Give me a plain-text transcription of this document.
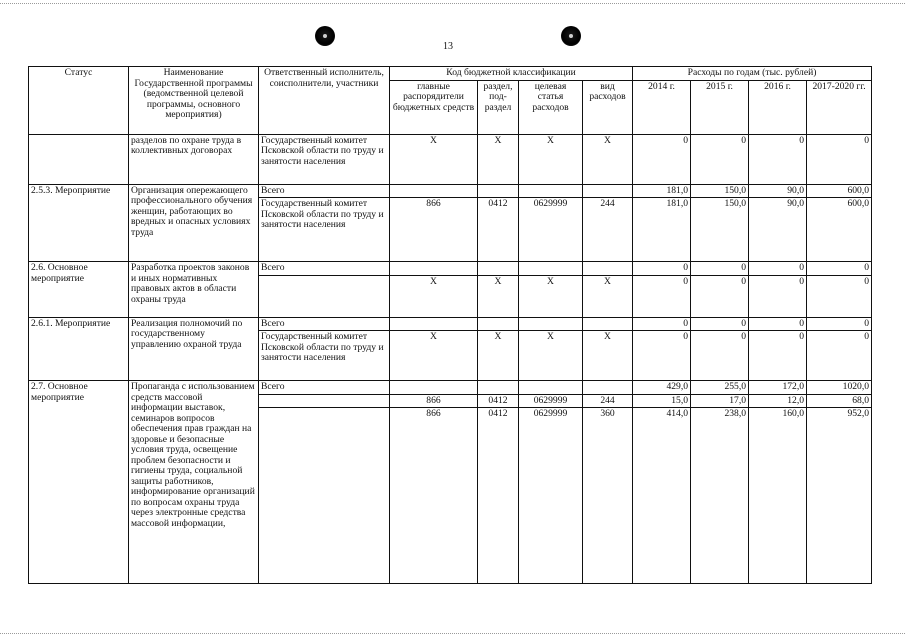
13
Статус	Наименование Государственной программы (ведомственной целевой программы, основного мероприятия)	Ответственный исполнитель, соисполнители, участники	Код бюджетной классификации				Расходы по годам (тыс. рублей)			
			главные распорядители бюджетных средств	раздел, под-раздел	целевая статья расходов	вид расходов	2014 г.	2015 г.	2016 г.	2017-2020 гг.
	разделов по охране труда в коллективных договорах	Государственный комитет Псковской области по труду и занятости населения	X	X	X	X	0	0	0	0
2.5.3. Мероприятие	Организация опережающего профессионального обучения женщин, работающих во вредных и опасных условиях труда	Всего					181,0	150,0	90,0	600,0
		Государственный комитет Псковской области по труду и занятости населения	866	0412	0629999	244	181,0	150,0	90,0	600,0
2.6. Основное мероприятие	Разработка проектов законов и иных нормативных правовых актов в области охраны труда	Всего					0	0	0	0
			X	X	X	X	0	0	0	0
2.6.1. Мероприятие	Реализация полномочий по государственному управлению охраной труда	Всего					0	0	0	0
		Государственный комитет Псковской области по труду и занятости населения	X	X	X	X	0	0	0	0
2.7. Основное мероприятие	Пропаганда с использованием средств массовой информации выставок, семинаров вопросов обеспечения прав граждан на здоровье и безопасные условия труда, освещение проблем безопасности и гигиены труда, социальной защиты работников, информирование организаций по вопросам охраны труда через электронные средства массовой информации,	Всего					429,0	255,0	172,0	1020,0
			866	0412	0629999	244	15,0	17,0	12,0	68,0
			866	0412	0629999	360	414,0	238,0	160,0	952,0
